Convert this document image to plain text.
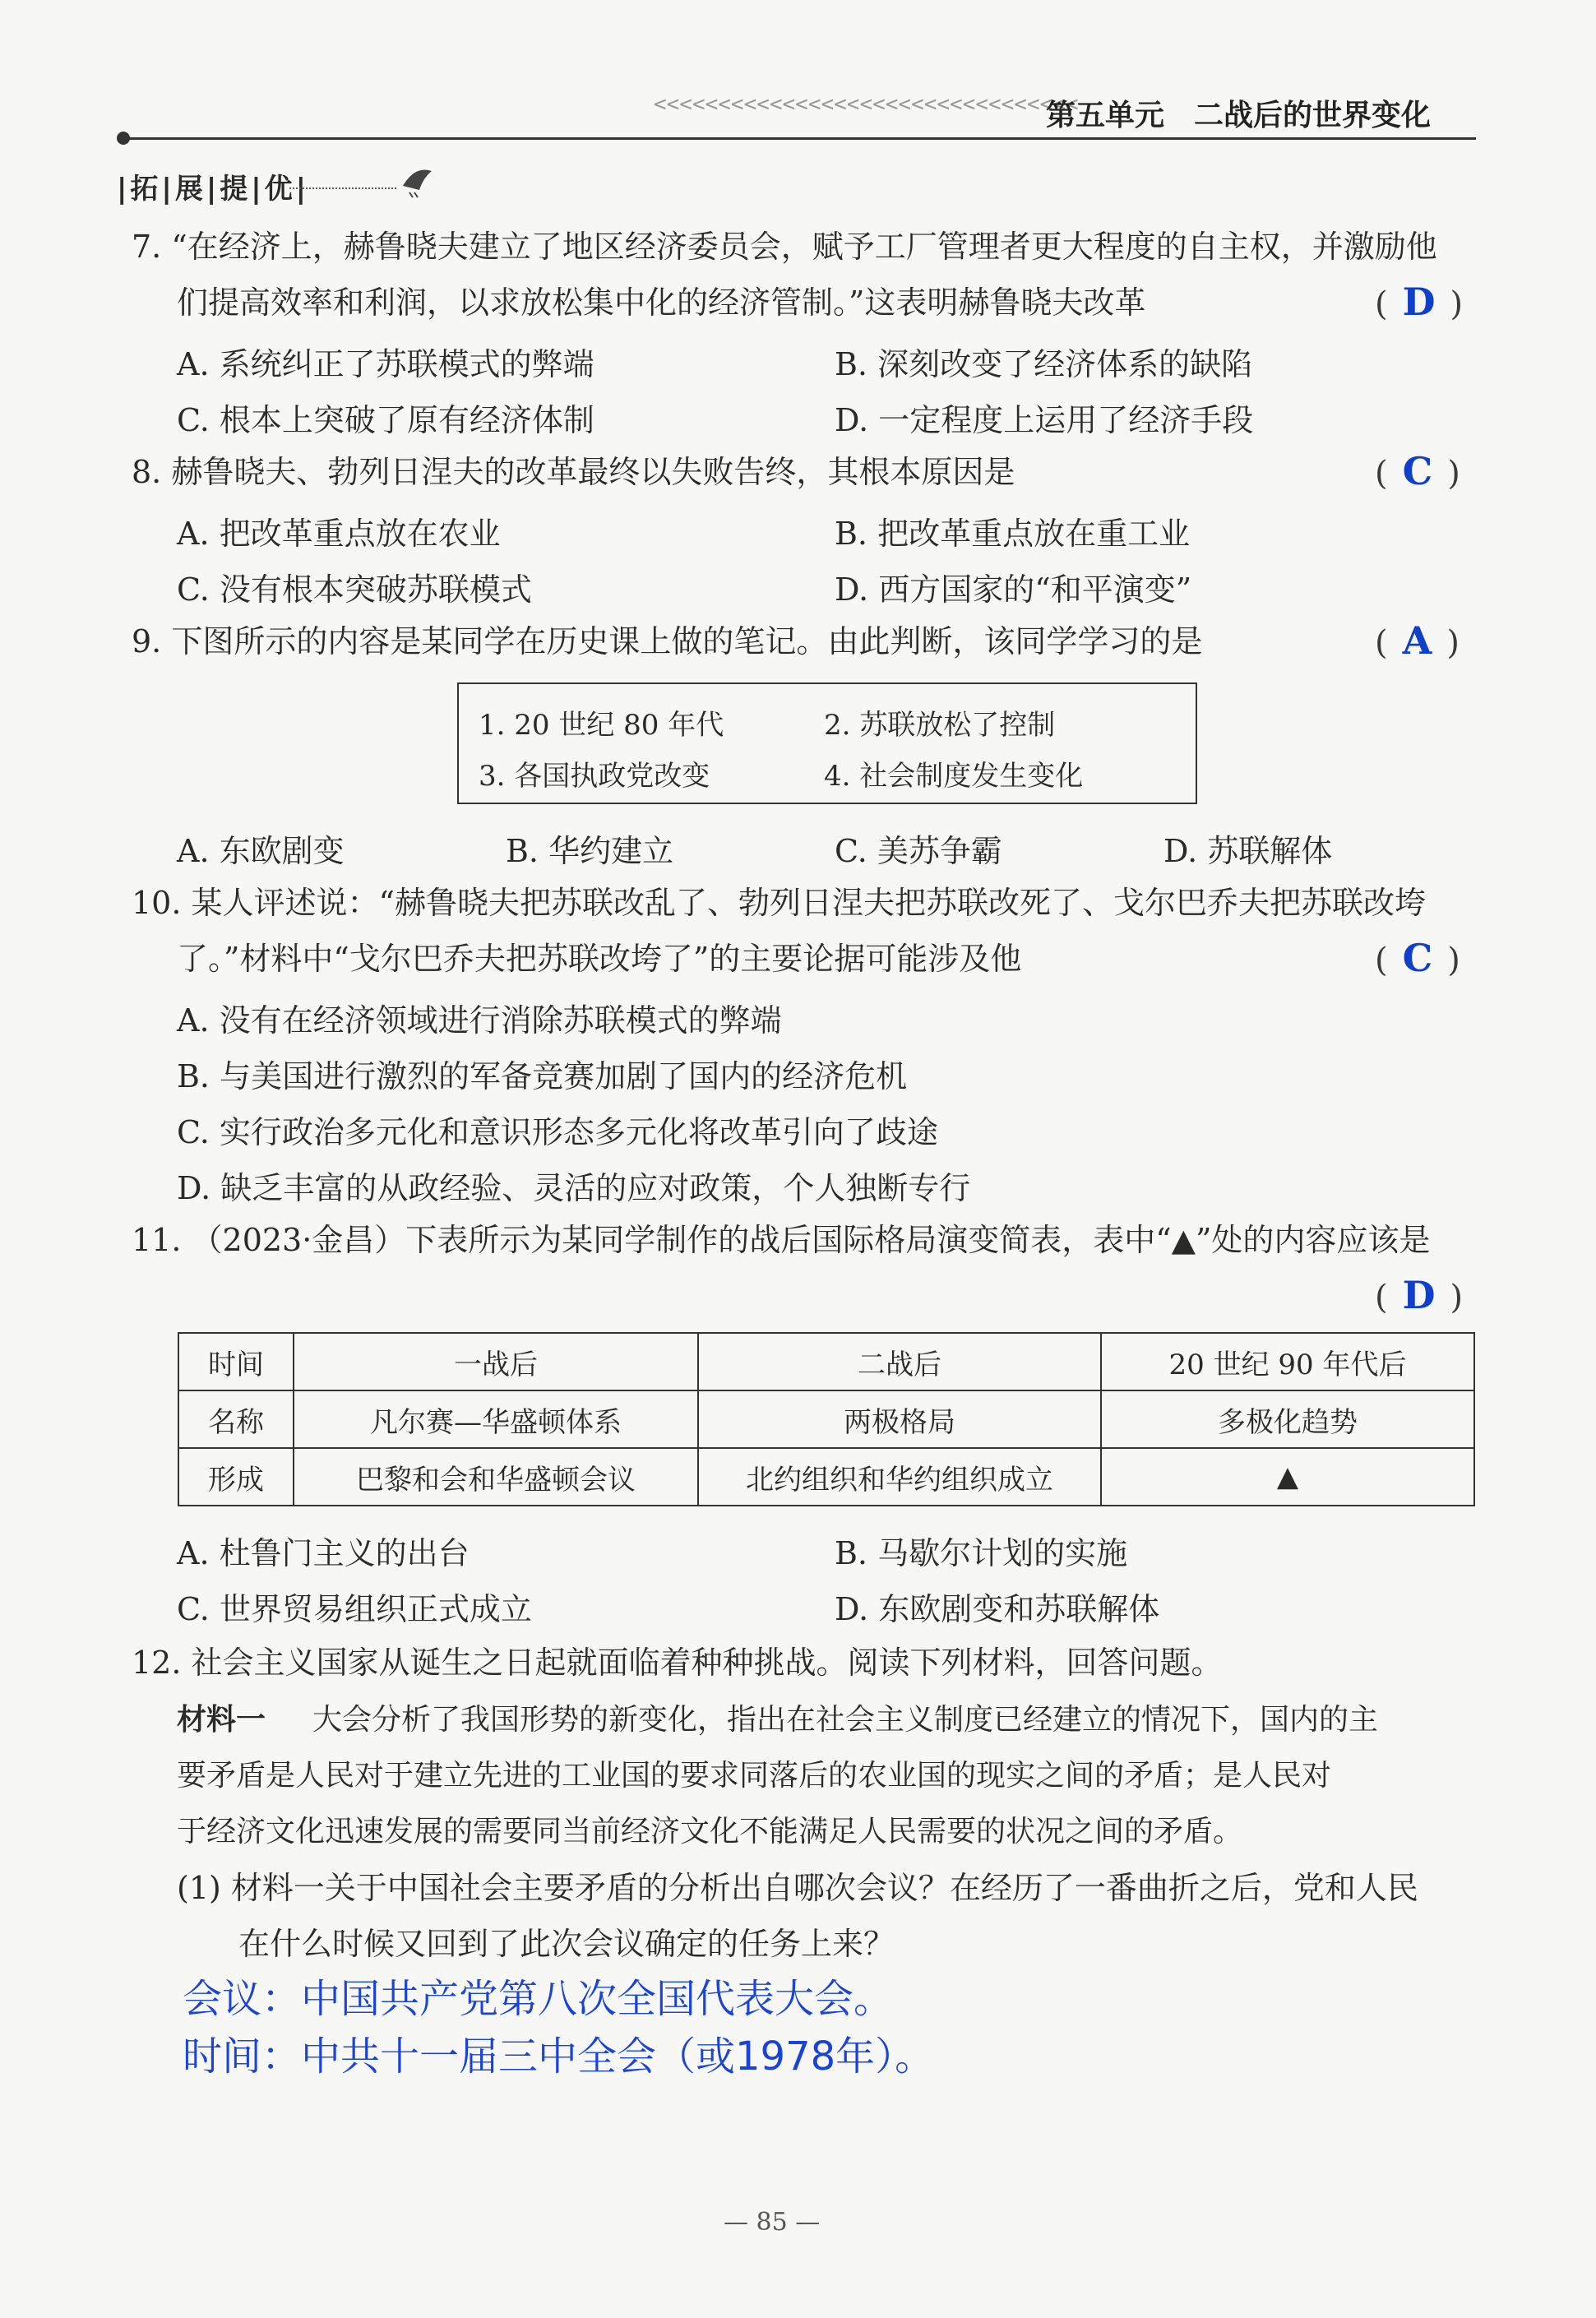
<<<<<<<<<<<<<<<<<<<<<<<<<<<<<<<<<
第五单元　二战后的世界变化
|拓|展|提|优|
7. “在经济上，赫鲁晓夫建立了地区经济委员会，赋予工厂管理者更大程度的自主权，并激励他
们提高效率和利润，以求放松集中化的经济管制。”这表明赫鲁晓夫改革	( D )
A. 系统纠正了苏联模式的弊端	B. 深刻改变了经济体系的缺陷
C. 根本上突破了原有经济体制	D. 一定程度上运用了经济手段
8. 赫鲁晓夫、勃列日涅夫的改革最终以失败告终，其根本原因是	( C )
A. 把改革重点放在农业	B. 把改革重点放在重工业
C. 没有根本突破苏联模式	D. 西方国家的“和平演变”
9. 下图所示的内容是某同学在历史课上做的笔记。由此判断，该同学学习的是	( A )
1. 20 世纪 80 年代	2. 苏联放松了控制
3. 各国执政党改变	4. 社会制度发生变化
A. 东欧剧变	B. 华约建立	C. 美苏争霸	D. 苏联解体
10. 某人评述说：“赫鲁晓夫把苏联改乱了、勃列日涅夫把苏联改死了、戈尔巴乔夫把苏联改垮
了。”材料中“戈尔巴乔夫把苏联改垮了”的主要论据可能涉及他	( C )
A. 没有在经济领域进行消除苏联模式的弊端
B. 与美国进行激烈的军备竞赛加剧了国内的经济危机
C. 实行政治多元化和意识形态多元化将改革引向了歧途
D. 缺乏丰富的从政经验、灵活的应对政策，个人独断专行
11. （2023·金昌）下表所示为某同学制作的战后国际格局演变简表，表中“▲”处的内容应该是
( D )
时间	一战后	二战后	20 世纪 90 年代后
名称	凡尔赛—华盛顿体系	两极格局	多极化趋势
形成	巴黎和会和华盛顿会议	北约组织和华约组织成立	▲
A. 杜鲁门主义的出台	B. 马歇尔计划的实施
C. 世界贸易组织正式成立	D. 东欧剧变和苏联解体
12. 社会主义国家从诞生之日起就面临着种种挑战。阅读下列材料，回答问题。
材料一 大会分析了我国形势的新变化，指出在社会主义制度已经建立的情况下，国内的主
要矛盾是人民对于建立先进的工业国的要求同落后的农业国的现实之间的矛盾；是人民对
于经济文化迅速发展的需要同当前经济文化不能满足人民需要的状况之间的矛盾。
(1) 材料一关于中国社会主要矛盾的分析出自哪次会议？在经历了一番曲折之后，党和人民
在什么时候又回到了此次会议确定的任务上来？
会议：中国共产党第八次全国代表大会。
时间：中共十一届三中全会（或1978年）。
— 85 —
